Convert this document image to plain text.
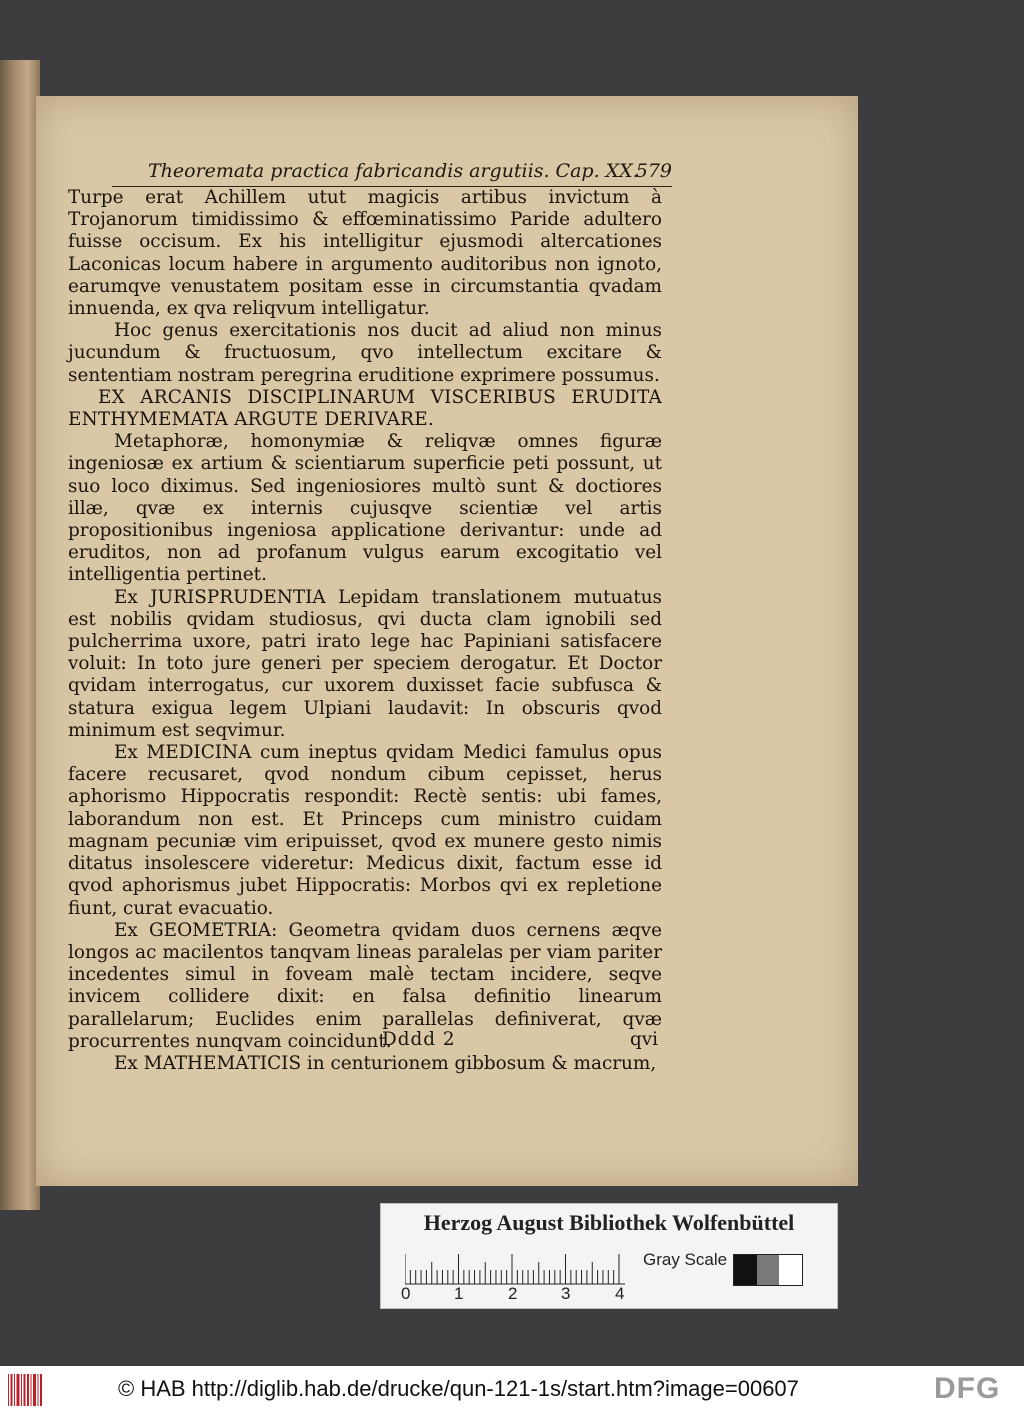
Theoremata practica fabricandis argutiis. Cap. XX.
579

Turpe erat Achillem utut magicis artibus invictum à Trojanorum timidissimo & effœminatissimo Paride adultero fuisse occisum. Ex his intelligitur ejusmodi altercationes Laconicas locum habere in argumento auditoribus non ignoto, earumqve venustatem positam esse in circumstantia qvadam innuenda, ex qva reliqvum intelligatur.

Hoc genus exercitationis nos ducit ad aliud non minus jucundum & fructuosum, qvo intellectum excitare & sententiam nostram peregrina eruditione exprimere possumus.

EX ARCANIS DISCIPLINARUM VISCERIBUS ERUDITA ENTHYMEMATA ARGUTE DERIVARE.

Metaphoræ, homonymiæ & reliqvæ omnes figuræ ingeniosæ ex artium & scientiarum superficie peti possunt, ut suo loco diximus. Sed ingeniosiores multò sunt & doctiores illæ, qvæ ex internis cujusqve scientiæ vel artis propositionibus ingeniosa applicatione derivantur: unde ad eruditos, non ad profanum vulgus earum excogitatio vel intelligentia pertinet.

Ex JURISPRUDENTIA Lepidam translationem mutuatus est nobilis qvidam studiosus, qvi ducta clam ignobili sed pulcherrima uxore, patri irato lege hac Papiniani satisfacere voluit: In toto jure generi per speciem derogatur. Et Doctor qvidam interrogatus, cur uxorem duxisset facie subfusca & statura exigua legem Ulpiani laudavit: In obscuris qvod minimum est seqvimur.

Ex MEDICINA cum ineptus qvidam Medici famulus opus facere recusaret, qvod nondum cibum cepisset, herus aphorismo Hippocratis respondit: Rectè sentis: ubi fames, laborandum non est. Et Princeps cum ministro cuidam magnam pecuniæ vim eripuisset, qvod ex munere gesto nimis ditatus insolescere videretur: Medicus dixit, factum esse id qvod aphorismus jubet Hippocratis: Morbos qvi ex repletione fiunt, curat evacuatio.

Ex GEOMETRIA: Geometra qvidam duos cernens æqve longos ac macilentos tanqvam lineas paralelas per viam pariter incedentes simul in foveam malè tectam incidere, seqve invicem collidere dixit: en falsa definitio linearum parallelarum; Euclides enim parallelas definiverat, qvæ procurrentes nunqvam coincidunt.

Ex MATHEMATICIS in centurionem gibbosum & macrum,

Dddd 2	qvi
Herzog August Bibliothek Wolfenbüttel
0	1	2	3	4
Gray Scale
© HAB http://diglib.hab.de/drucke/qun-121-1s/start.htm?image=00607	DFG
